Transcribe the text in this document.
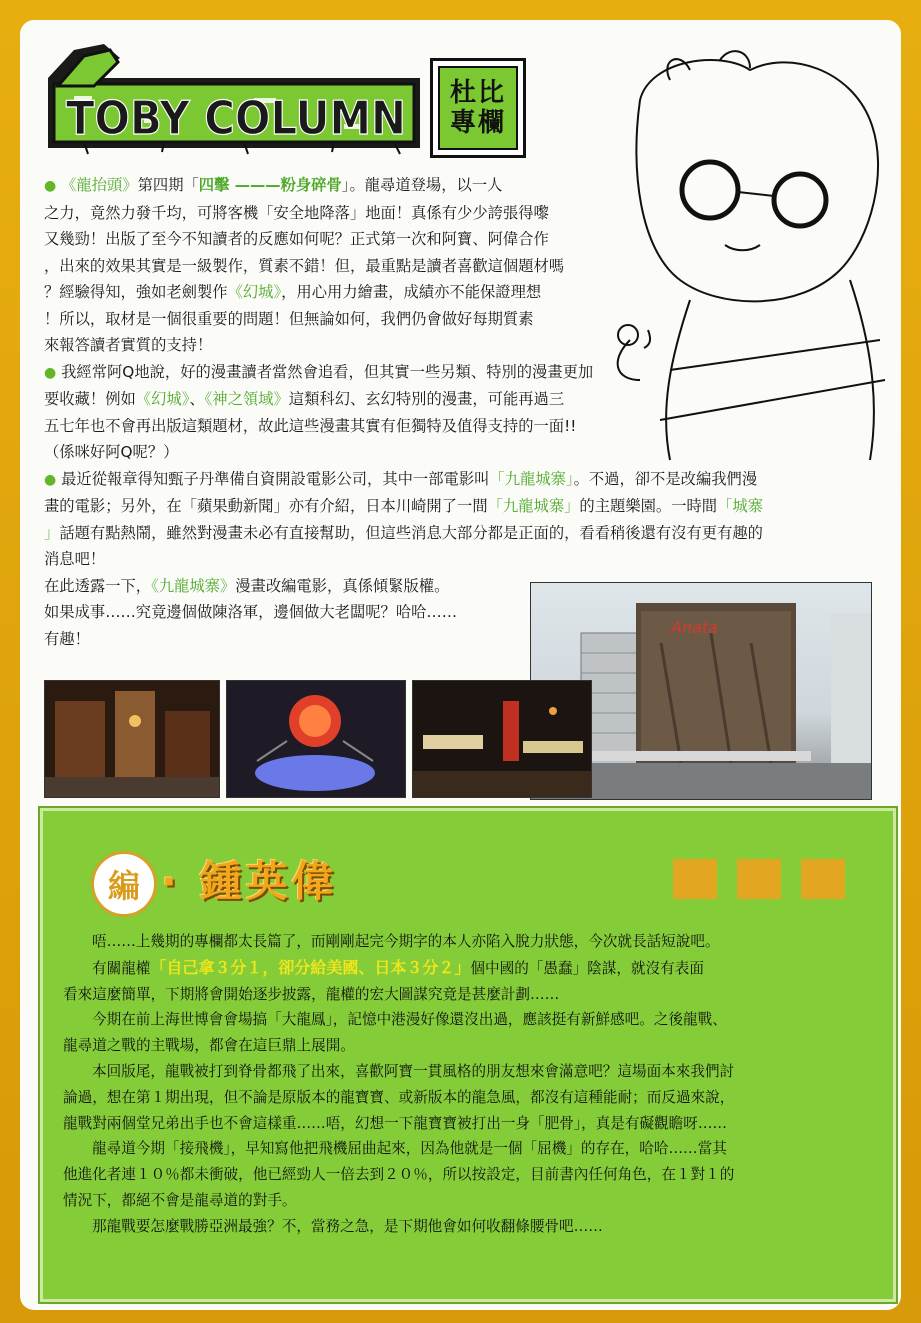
TOBY COLUMN 杜比
專欄

● 《龍抬頭》第四期「四擊 ———粉身碎骨」。龍尋道登場，以一人
之力，竟然力發千均，可將客機「安全地降落」地面！真係有少少誇張得嚟
又幾勁！出版了至今不知讀者的反應如何呢？正式第一次和阿寶、阿偉合作
，出來的效果其實是一級製作，質素不錯！但，最重點是讀者喜歡這個題材嗎
？經驗得知，強如老劍製作《幻城》，用心用力繪畫，成績亦不能保證理想
！所以，取材是一個很重要的問題！但無論如何，我們仍會做好每期質素
來報答讀者實質的支持！

● 我經常阿Q地說，好的漫畫讀者當然會追看，但其實一些另類、特別的漫畫更加
要收藏！例如《幻城》、《神之領域》這類科幻、玄幻特別的漫畫，可能再過三
五七年也不會再出版這類題材，故此這些漫畫其實有佢獨特及值得支持的一面!!
（係咪好阿Q呢？）

● 最近從報章得知甄子丹準備自資開設電影公司，其中一部電影叫「九龍城寨」。不過，卻不是改編我們漫
畫的電影；另外，在「蘋果動新聞」亦有介紹，日本川崎開了一間「九龍城寨」的主題樂園。一時間「城寨
」話題有點熱鬧，雖然對漫畫未必有直接幫助，但這些消息大部分都是正面的，看看稍後還有沒有更有趣的
消息吧！

在此透露一下，《九龍城寨》漫畫改編電影，真係傾緊版權。
如果成事……究竟邊個做陳洛軍，邊個做大老闆呢？哈哈……
有趣！

Anata
編 · 鍾英偉

唔……上幾期的專欄都太長篇了，而剛剛起完今期字的本人亦陷入脫力狀態，今次就長話短說吧。

有關龍權「自己拿３分１，卻分給美國、日本３分２」個中國的「愚蠢」陰謀，就沒有表面

看來這麼簡單，下期將會開始逐步披露，龍權的宏大圖謀究竟是甚麼計劃……

今期在前上海世博會會場搞「大龍鳳」，記憶中港漫好像還沒出過，應該挺有新鮮感吧。之後龍戰、

龍尋道之戰的主戰場，都會在這巨鼎上展開。

本回版尾，龍戰被打到脊骨都飛了出來，喜歡阿寶一貫風格的朋友想來會滿意吧？這場面本來我們討

論過，想在第１期出現，但不論是原版本的龍寶寶、或新版本的龍急風，都沒有這種能耐；而反過來說，

龍戰對兩個堂兄弟出手也不會這樣重……唔，幻想一下龍寶寶被打出一身「肥骨」，真是有礙觀瞻呀……

龍尋道今期「接飛機」，早知寫他把飛機屈曲起來，因為他就是一個「屈機」的存在，哈哈……當其

他進化者連１０％都未衝破，他已經勁人一倍去到２０％，所以按設定，目前書內任何角色，在１對１的

情況下，都絕不會是龍尋道的對手。

那龍戰要怎麼戰勝亞洲最強？不，當務之急，是下期他會如何收翻條腰骨吧……
